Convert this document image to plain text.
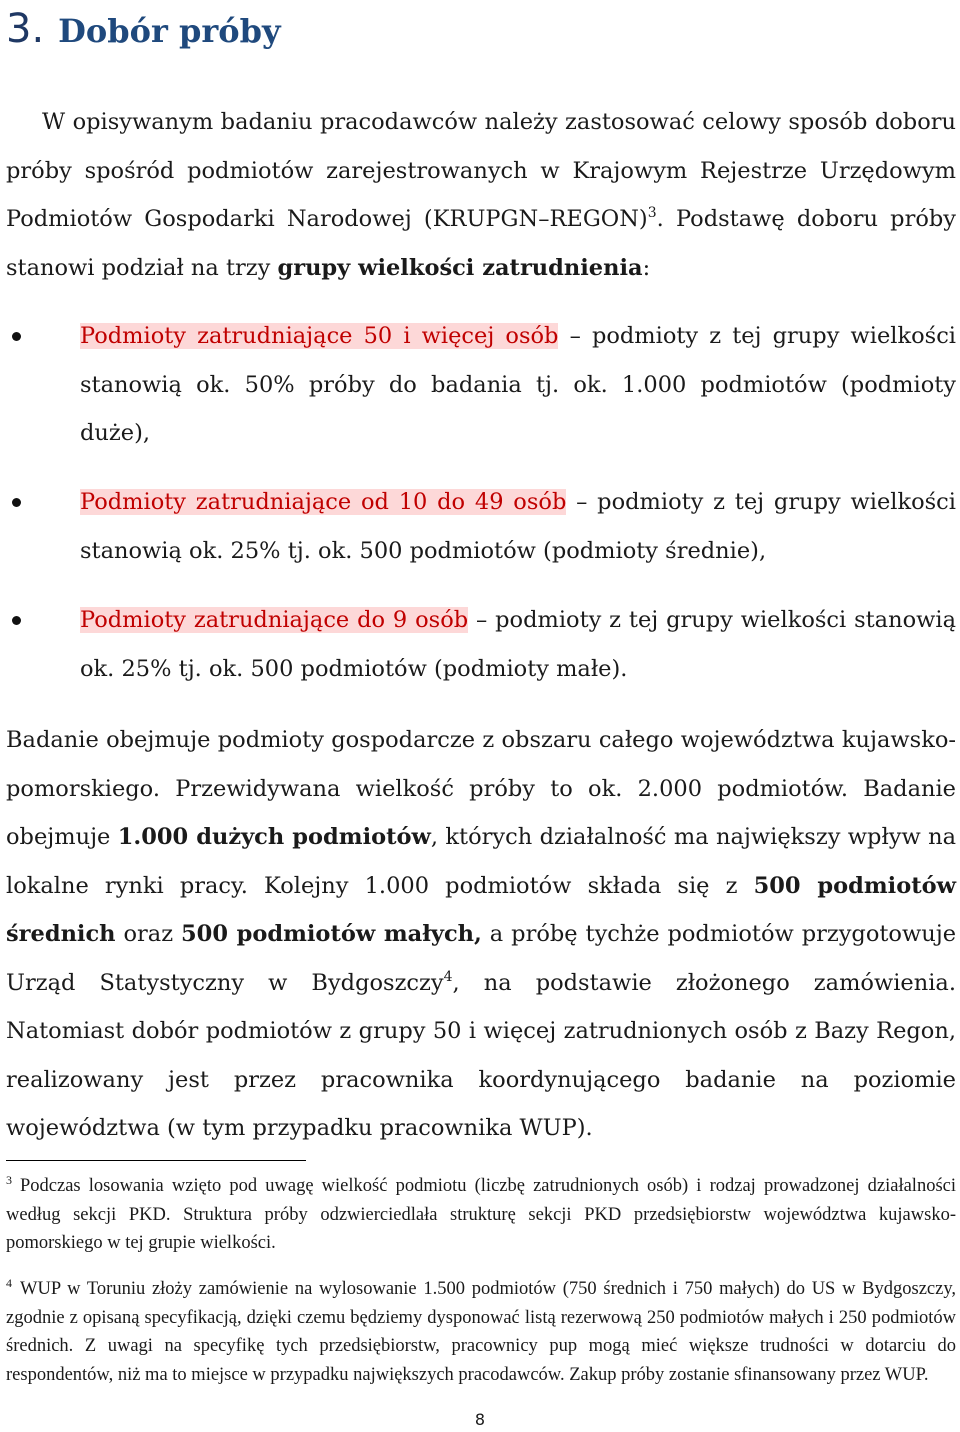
3. Dobór próby
W opisywanym badaniu pracodawców należy zastosować celowy sposób doboru próby spośród podmiotów zarejestrowanych w Krajowym Rejestrze Urzędowym Podmiotów Gospodarki Narodowej (KRUPGN–REGON)$^3$. Podstawę doboru próby stanowi podział na trzy grupy wielkości zatrudnienia:
Podmioty zatrudniające 50 i więcej osób – podmioty z tej grupy wielkości stanowią ok. 50% próby do badania tj. ok. 1.000 podmiotów (podmioty duże),
Podmioty zatrudniające od 10 do 49 osób – podmioty z tej grupy wielkości stanowią ok. 25% tj. ok. 500 podmiotów (podmioty średnie),
Podmioty zatrudniające do 9 osób – podmioty z tej grupy wielkości stanowią ok. 25% tj. ok. 500 podmiotów (podmioty małe).
Badanie obejmuje podmioty gospodarcze z obszaru całego województwa kujawsko-pomorskiego. Przewidywana wielkość próby to ok. 2.000 podmiotów. Badanie obejmuje 1.000 dużych podmiotów, których działalność ma największy wpływ na lokalne rynki pracy. Kolejny 1.000 podmiotów składa się z 500 podmiotów średnich oraz 500 podmiotów małych, a próbę tychże podmiotów przygotowuje Urząd Statystyczny w Bydgoszczy$^4$, na podstawie złożonego zamówienia. Natomiast dobór podmiotów z grupy 50 i więcej zatrudnionych osób z Bazy Regon, realizowany jest przez pracownika koordynującego badanie na poziomie województwa (w tym przypadku pracownika WUP).
$^3$ Podczas losowania wzięto pod uwagę wielkość podmiotu (liczbę zatrudnionych osób) i rodzaj prowadzonej działalności według sekcji PKD. Struktura próby odzwierciedlała strukturę sekcji PKD przedsiębiorstw województwa kujawsko-pomorskiego w tej grupie wielkości.
$^4$ WUP w Toruniu złoży zamówienie na wylosowanie 1.500 podmiotów (750 średnich i 750 małych) do US w Bydgoszczy, zgodnie z opisaną specyfikacją, dzięki czemu będziemy dysponować listą rezerwową 250 podmiotów małych i 250 podmiotów średnich. Z uwagi na specyfikę tych przedsiębiorstw, pracownicy pup mogą mieć większe trudności w dotarciu do respondentów, niż ma to miejsce w przypadku największych pracodawców. Zakup próby zostanie sfinansowany przez WUP.
8
